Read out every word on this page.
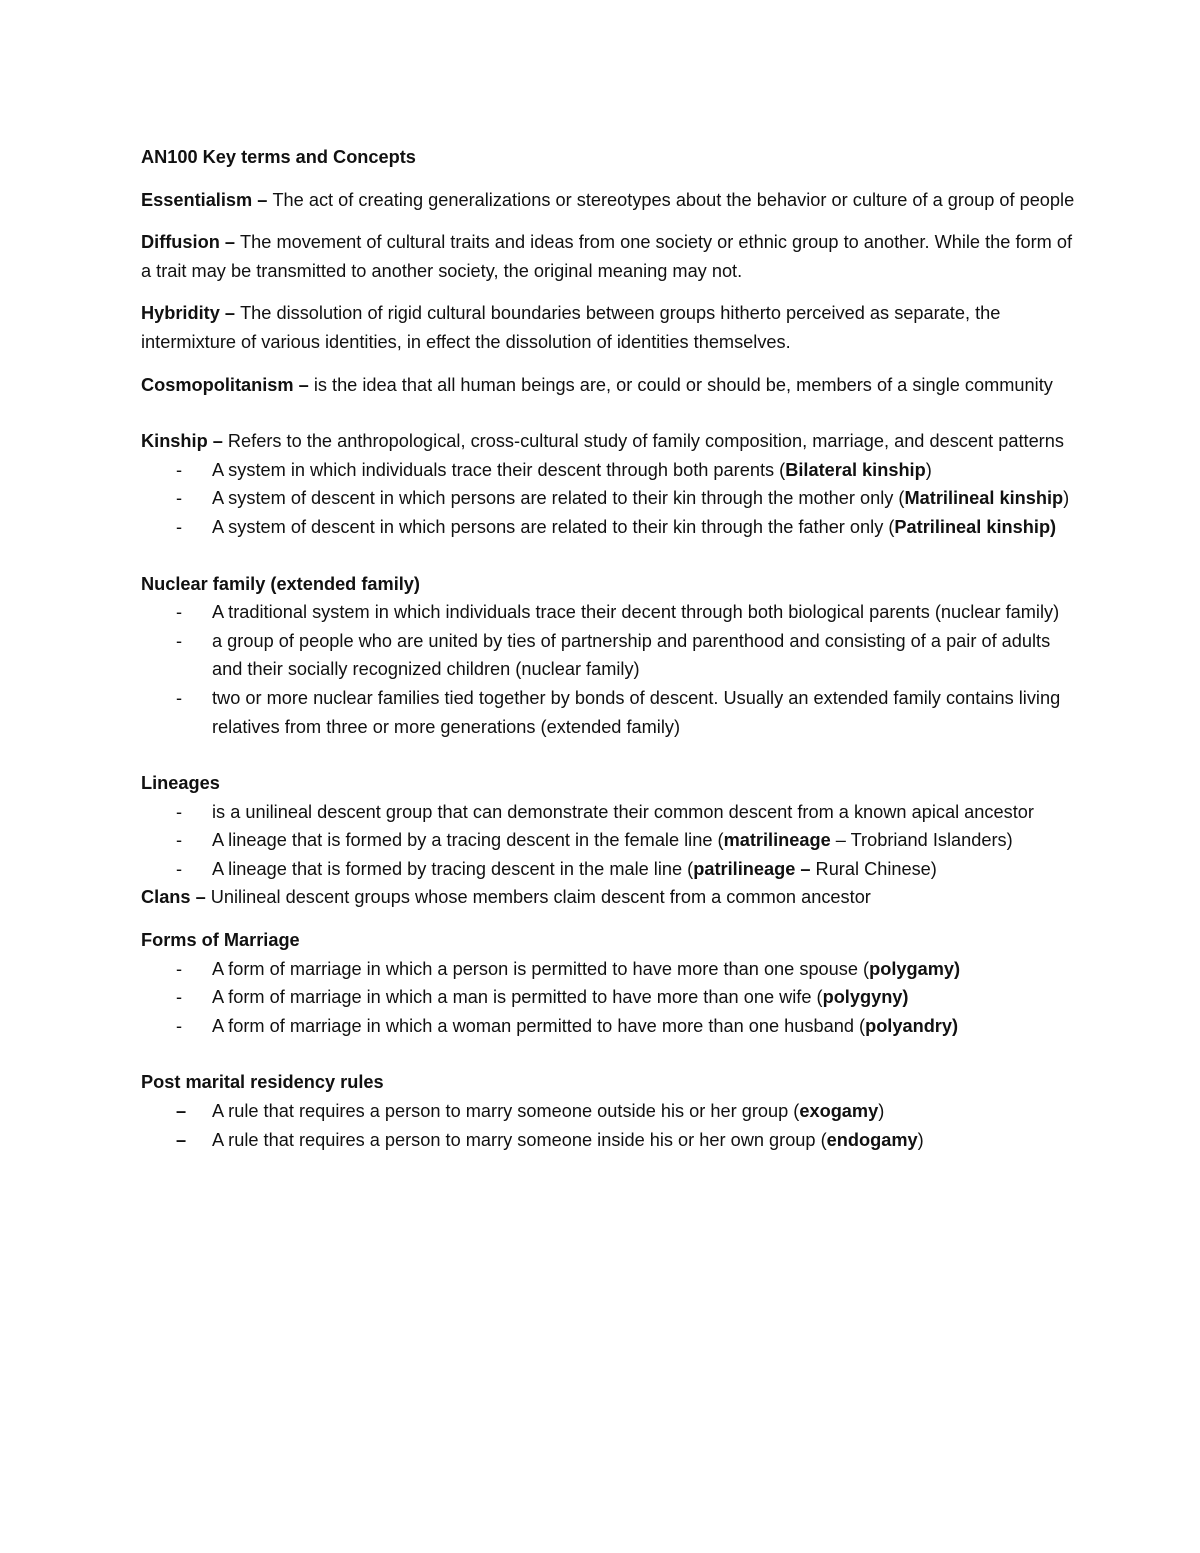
AN100 Key terms and Concepts

Essentialism – The act of creating generalizations or stereotypes about the behavior or culture of a group of people

Diffusion – The movement of cultural traits and ideas from one society or ethnic group to another. While the form of a trait may be transmitted to another society, the original meaning may not.

Hybridity – The dissolution of rigid cultural boundaries between groups hitherto perceived as separate, the intermixture of various identities, in effect the dissolution of identities themselves.

Cosmopolitanism – is the idea that all human beings are, or could or should be, members of a single community

Kinship – Refers to the anthropological, cross-cultural study of family composition, marriage, and descent patterns

- A system in which individuals trace their descent through both parents (Bilateral kinship)
- A system of descent in which persons are related to their kin through the mother only (Matrilineal kinship)
- A system of descent in which persons are related to their kin through the father only (Patrilineal kinship)
Nuclear family (extended family)
- A traditional system in which individuals trace their decent through both biological parents (nuclear family)
- a group of people who are united by ties of partnership and parenthood and consisting of a pair of adults and their socially recognized children (nuclear family)
- two or more nuclear families tied together by bonds of descent. Usually an extended family contains living relatives from three or more generations (extended family)
Lineages
- is a unilineal descent group that can demonstrate their common descent from a known apical ancestor
- A lineage that is formed by a tracing descent in the female line (matrilineage – Trobriand Islanders)
- A lineage that is formed by tracing descent in the male line (patrilineage – Rural Chinese)

Clans – Unilineal descent groups whose members claim descent from a common ancestor

Forms of Marriage
- A form of marriage in which a person is permitted to have more than one spouse (polygamy)
- A form of marriage in which a man is permitted to have more than one wife (polygyny)
- A form of marriage in which a woman permitted to have more than one husband (polyandry)
Post marital residency rules
– A rule that requires a person to marry someone outside his or her group (exogamy)
– A rule that requires a person to marry someone inside his or her own group (endogamy)
